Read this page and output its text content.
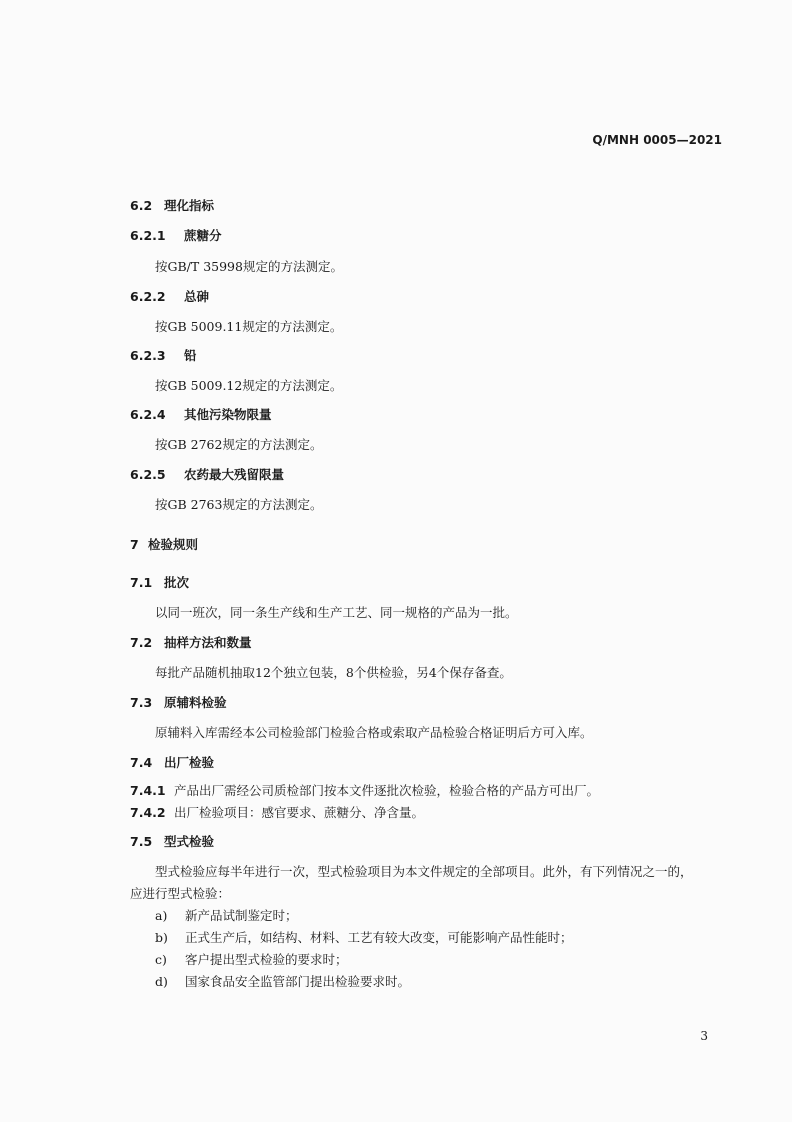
Q/MNH 0005—2021
6.2 理化指标
6.2.1 蔗糖分
按GB/T 35998规定的方法测定。
6.2.2 总砷
按GB 5009.11规定的方法测定。
6.2.3 铅
按GB 5009.12规定的方法测定。
6.2.4 其他污染物限量
按GB 2762规定的方法测定。
6.2.5 农药最大残留限量
按GB 2763规定的方法测定。
7 检验规则
7.1 批次
以同一班次，同一条生产线和生产工艺、同一规格的产品为一批。
7.2 抽样方法和数量
每批产品随机抽取12个独立包装，8个供检验，另4个保存备查。
7.3 原辅料检验
原辅料入库需经本公司检验部门检验合格或索取产品检验合格证明后方可入库。
7.4 出厂检验
7.4.1 产品出厂需经公司质检部门按本文件逐批次检验，检验合格的产品方可出厂。
7.4.2 出厂检验项目：感官要求、蔗糖分、净含量。
7.5 型式检验
型式检验应每半年进行一次，型式检验项目为本文件规定的全部项目。此外，有下列情况之一的，
应进行型式检验：
a) 新产品试制鉴定时；
b) 正式生产后，如结构、材料、工艺有较大改变，可能影响产品性能时；
c) 客户提出型式检验的要求时；
d) 国家食品安全监管部门提出检验要求时。
3
